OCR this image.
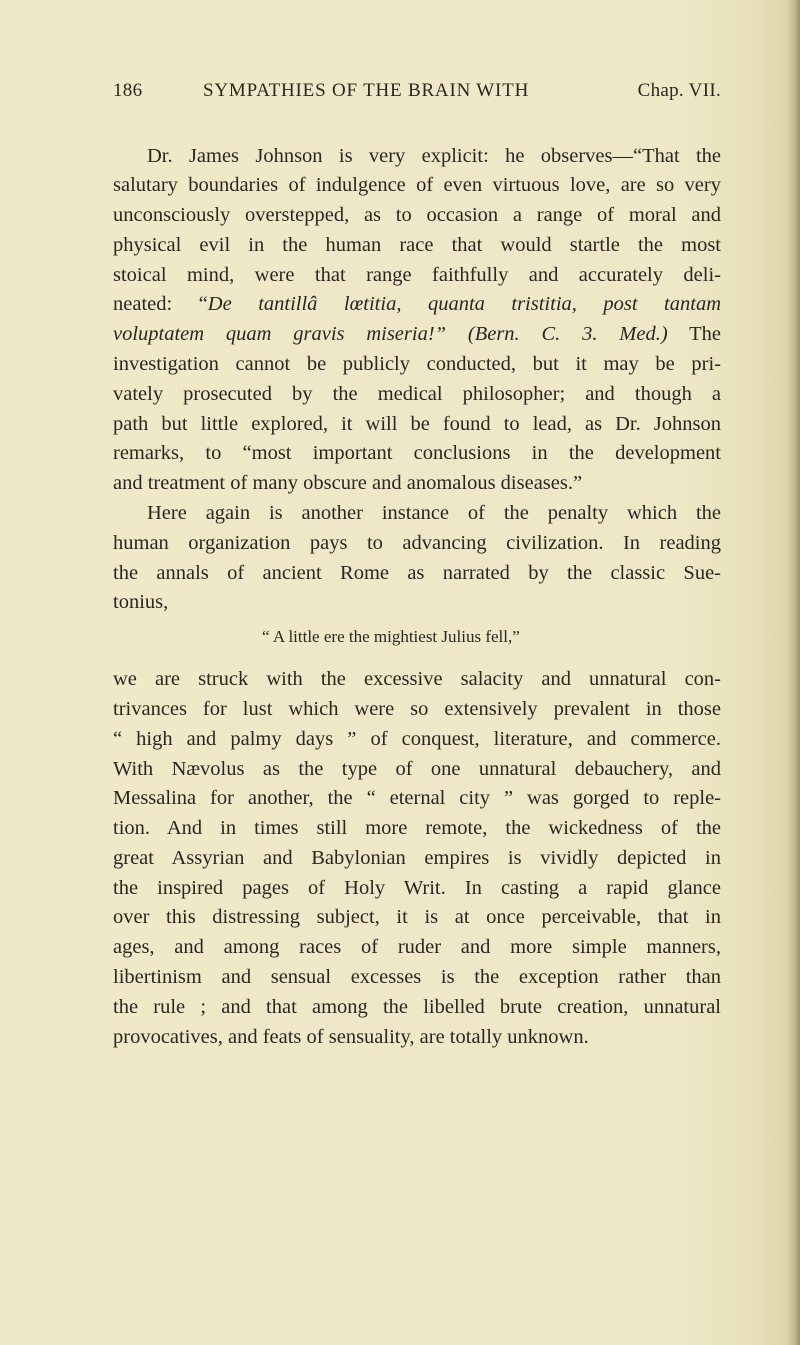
186	SYMPATHIES OF THE BRAIN WITH	Chap. VII.
Dr. James Johnson is very explicit: he observes—“That the
salutary boundaries of indulgence of even virtuous love, are so very
unconsciously overstepped, as to occasion a range of moral and
physical evil in the human race that would startle the most
stoical mind, were that range faithfully and accurately deli-
neated: “De tantillâ lœtitia, quanta tristitia, post tantam
voluptatem quam gravis miseria!” (Bern. C. 3. Med.) The
investigation cannot be publicly conducted, but it may be pri-
vately prosecuted by the medical philosopher; and though a
path but little explored, it will be found to lead, as Dr. Johnson
remarks, to “most important conclusions in the development
and treatment of many obscure and anomalous diseases.”
Here again is another instance of the penalty which the
human organization pays to advancing civilization. In reading
the annals of ancient Rome as narrated by the classic Sue-
tonius,
“ A little ere the mightiest Julius fell,”
we are struck with the excessive salacity and unnatural con-
trivances for lust which were so extensively prevalent in those
“ high and palmy days ” of conquest, literature, and commerce.
With Nævolus as the type of one unnatural debauchery, and
Messalina for another, the “ eternal city ” was gorged to reple-
tion. And in times still more remote, the wickedness of the
great Assyrian and Babylonian empires is vividly depicted in
the inspired pages of Holy Writ. In casting a rapid glance
over this distressing subject, it is at once perceivable, that in
ages, and among races of ruder and more simple manners,
libertinism and sensual excesses is the exception rather than
the rule ; and that among the libelled brute creation, unnatural
provocatives, and feats of sensuality, are totally unknown.
